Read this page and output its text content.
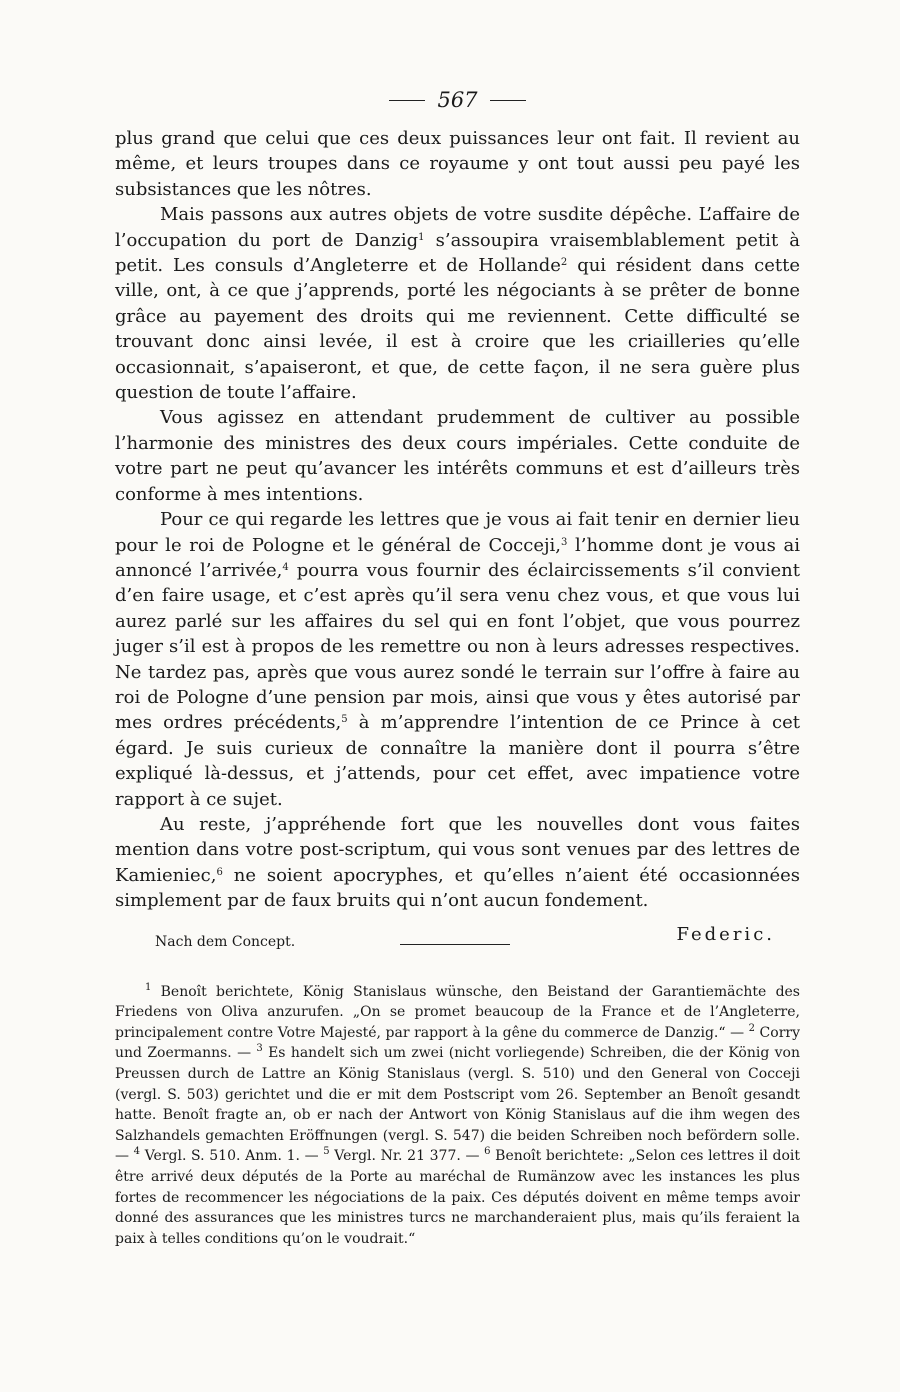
567

plus grand que celui que ces deux puissances leur ont fait. Il revient au même, et leurs troupes dans ce royaume y ont tout aussi peu payé les subsistances que les nôtres.

Mais passons aux autres objets de votre susdite dépêche. L’affaire de l’occupation du port de Danzig$^1$ s’assoupira vraisemblablement petit à petit. Les consuls d’Angleterre et de Hollande$^2$ qui résident dans cette ville, ont, à ce que j’apprends, porté les négociants à se prêter de bonne grâce au payement des droits qui me reviennent. Cette difficulté se trouvant donc ainsi levée, il est à croire que les criailleries qu’elle occasionnait, s’apaiseront, et que, de cette façon, il ne sera guère plus question de toute l’affaire.

Vous agissez en attendant prudemment de cultiver au possible l’harmonie des ministres des deux cours impériales. Cette conduite de votre part ne peut qu’avancer les intérêts communs et est d’ailleurs très conforme à mes intentions.

Pour ce qui regarde les lettres que je vous ai fait tenir en dernier lieu pour le roi de Pologne et le général de Cocceji,$^3$ l’homme dont je vous ai annoncé l’arrivée,$^4$ pourra vous fournir des éclaircissements s’il convient d’en faire usage, et c’est après qu’il sera venu chez vous, et que vous lui aurez parlé sur les affaires du sel qui en font l’objet, que vous pourrez juger s’il est à propos de les remettre ou non à leurs adresses respectives. Ne tardez pas, après que vous aurez sondé le terrain sur l’offre à faire au roi de Pologne d’une pension par mois, ainsi que vous y êtes autorisé par mes ordres précédents,$^5$ à m’apprendre l’intention de ce Prince à cet égard. Je suis curieux de connaître la manière dont il pourra s’être expliqué là-dessus, et j’attends, pour cet effet, avec impatience votre rapport à ce sujet.

Au reste, j’appréhende fort que les nouvelles dont vous faites mention dans votre post-scriptum, qui vous sont venues par des lettres de Kamieniec,$^6$ ne soient apocryphes, et qu’elles n’aient été occasionnées simplement par de faux bruits qui n’ont aucun fondement.

Nach dem Concept.	Federic.

$^1$ Benoît berichtete, König Stanislaus wünsche, den Beistand der Garantiemächte des Friedens von Oliva anzurufen. „On se promet beaucoup de la France et de l’Angleterre, principalement contre Votre Majesté, par rapport à la gêne du commerce de Danzig.“ — $^2$ Corry und Zoermanns. — $^3$ Es handelt sich um zwei (nicht vorliegende) Schreiben, die der König von Preussen durch de Lattre an König Stanislaus (vergl. S. 510) und den General von Cocceji (vergl. S. 503) gerichtet und die er mit dem Postscript vom 26. September an Benoît gesandt hatte. Benoît fragte an, ob er nach der Antwort von König Stanislaus auf die ihm wegen des Salzhandels gemachten Eröffnungen (vergl. S. 547) die beiden Schreiben noch befördern solle. — $^4$ Vergl. S. 510. Anm. 1. — $^5$ Vergl. Nr. 21 377. — $^6$ Benoît berichtete: „Selon ces lettres il doit être arrivé deux députés de la Porte au maréchal de Rumänzow avec les instances les plus fortes de recommencer les négociations de la paix. Ces députés doivent en même temps avoir donné des assurances que les ministres turcs ne marchanderaient plus, mais qu’ils feraient la paix à telles conditions qu’on le voudrait.“
